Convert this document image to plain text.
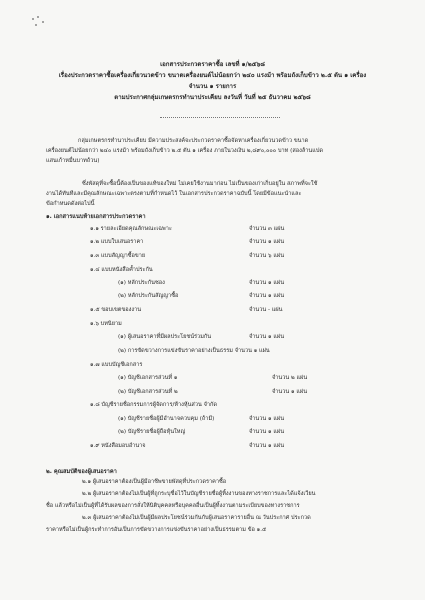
เอกสารประกวดราคาซื้อ เลขที่ ๑/๒๕๖๘
เรื่องประกวดราคาซื้อเครื่องเกี่ยวนวดข้าว ขนาดเครื่องยนต์ไม่น้อยกว่า ๒๔๐ แรงม้า พร้อมถังเก็บข้าว ๒.๕ ตัน ๑ เครื่อง
จำนวน ๑ รายการ
ตามประกาศกลุ่มเกษตรกรทำนาประเคียบ ลงวันที่ วันที่ ๒๕ ธันวาคม ๒๕๖๘
กลุ่มเกษตรกรทำนาประเคียบ มีความประสงค์จะประกวดราคาซื้อจัดหาเครื่องเกี่ยวนวดข้าว ขนาด
เครื่องยนต์ไม่น้อยกว่า ๒๔๐ แรงม้า พร้อมถังเก็บข้าว ๒.๕ ตัน ๑ เครื่อง ภายในวงเงิน ๒,๘๙๐,๐๐๐ บาท (สองล้านแปด
แสนเก้าหมื่นบาทถ้วน)
ซึ่งพัสดุที่จะซื้อนี้ต้องเป็นของแท้ของใหม่ ไม่เคยใช้งานมาก่อน ไม่เป็นของเก่าเก็บอยู่ใน สภาพที่จะใช้
งานได้ทันทีและมีคุณลักษณะเฉพาะตรงตามที่กำหนดไว้ ในเอกสารประกวดราคาฉบับนี้ โดยมีข้อแนะนำและ
ข้อกำหนดดังต่อไปนี้
๑. เอกสารแนบท้ายเอกสารประกวดราคา
๑.๑ รายละเอียดคุณลักษณะเฉพาะ	จำนวน ๓ แผ่น
๑.๒ แบบใบเสนอราคา	จำนวน ๑ แผ่น
๑.๓ แบบสัญญาซื้อขาย	จำนวน ๖ แผ่น
๑.๔ แบบหนังสือค้ำประกัน
(๑) หลักประกันซอง	จำนวน ๑ แผ่น
(๒) หลักประกันสัญญาซื้อ	จำนวน ๑ แผ่น
๑.๕ ขอบเขตของงาน	จำนวน - แผ่น
๑.๖ บทนิยาม
(๑) ผู้เสนอราคาที่มีผลประโยชน์ร่วมกัน	จำนวน ๑ แผ่น
(๒) การขัดขวางการแข่งขันราคาอย่างเป็นธรรม จำนวน ๑ แผ่น
๑.๗ แบบบัญชีเอกสาร
(๑) บัญชีเอกสารส่วนที่ ๑	จำนวน ๒ แผ่น
(๒) บัญชีเอกสารส่วนที่ ๒	จำนวน ๑ แผ่น
๑.๘ บัญชีรายชื่อกรรมการผู้จัดการ/ห้างหุ้นส่วน จำกัด
(๑) บัญชีรายชื่อผู้มีอำนาจควบคุม (ถ้ามี)	จำนวน ๑ แผ่น
(๒) บัญชีรายชื่อผู้ถือหุ้นใหญ่	จำนวน ๑ แผ่น
๑.๙ หนังสือมอบอำนาจ	จำนวน ๑ แผ่น
๒. คุณสมบัติของผู้เสนอราคา
๒.๑ ผู้เสนอราคาต้องเป็นผู้มีอาชีพขายพัสดุที่ประกวดราคาซื้อ
๒.๒ ผู้เสนอราคาต้องไม่เป็นผู้ที่ถูกระบุชื่อไว้ในบัญชีรายชื่อผู้ทิ้งงานของทางราชการและได้แจ้งเวียน
ชื่อ แล้วหรือไม่เป็นผู้ที่ได้รับผลของการสั่งให้นิติบุคคลหรือบุคคลอื่นเป็นผู้ทิ้งงานตามระเบียบของทางราชการ
๒.๓ ผู้เสนอราคาต้องไม่เป็นผู้มีผลประโยชน์ร่วมกันกับผู้เสนอราคารายอื่น ณ วันประกาศ ประกวด
ราคาหรือไม่เป็นผู้กระทำการอันเป็นการขัดขวางการแข่งขันราคาอย่างเป็นธรรมตาม ข้อ ๑.๕
